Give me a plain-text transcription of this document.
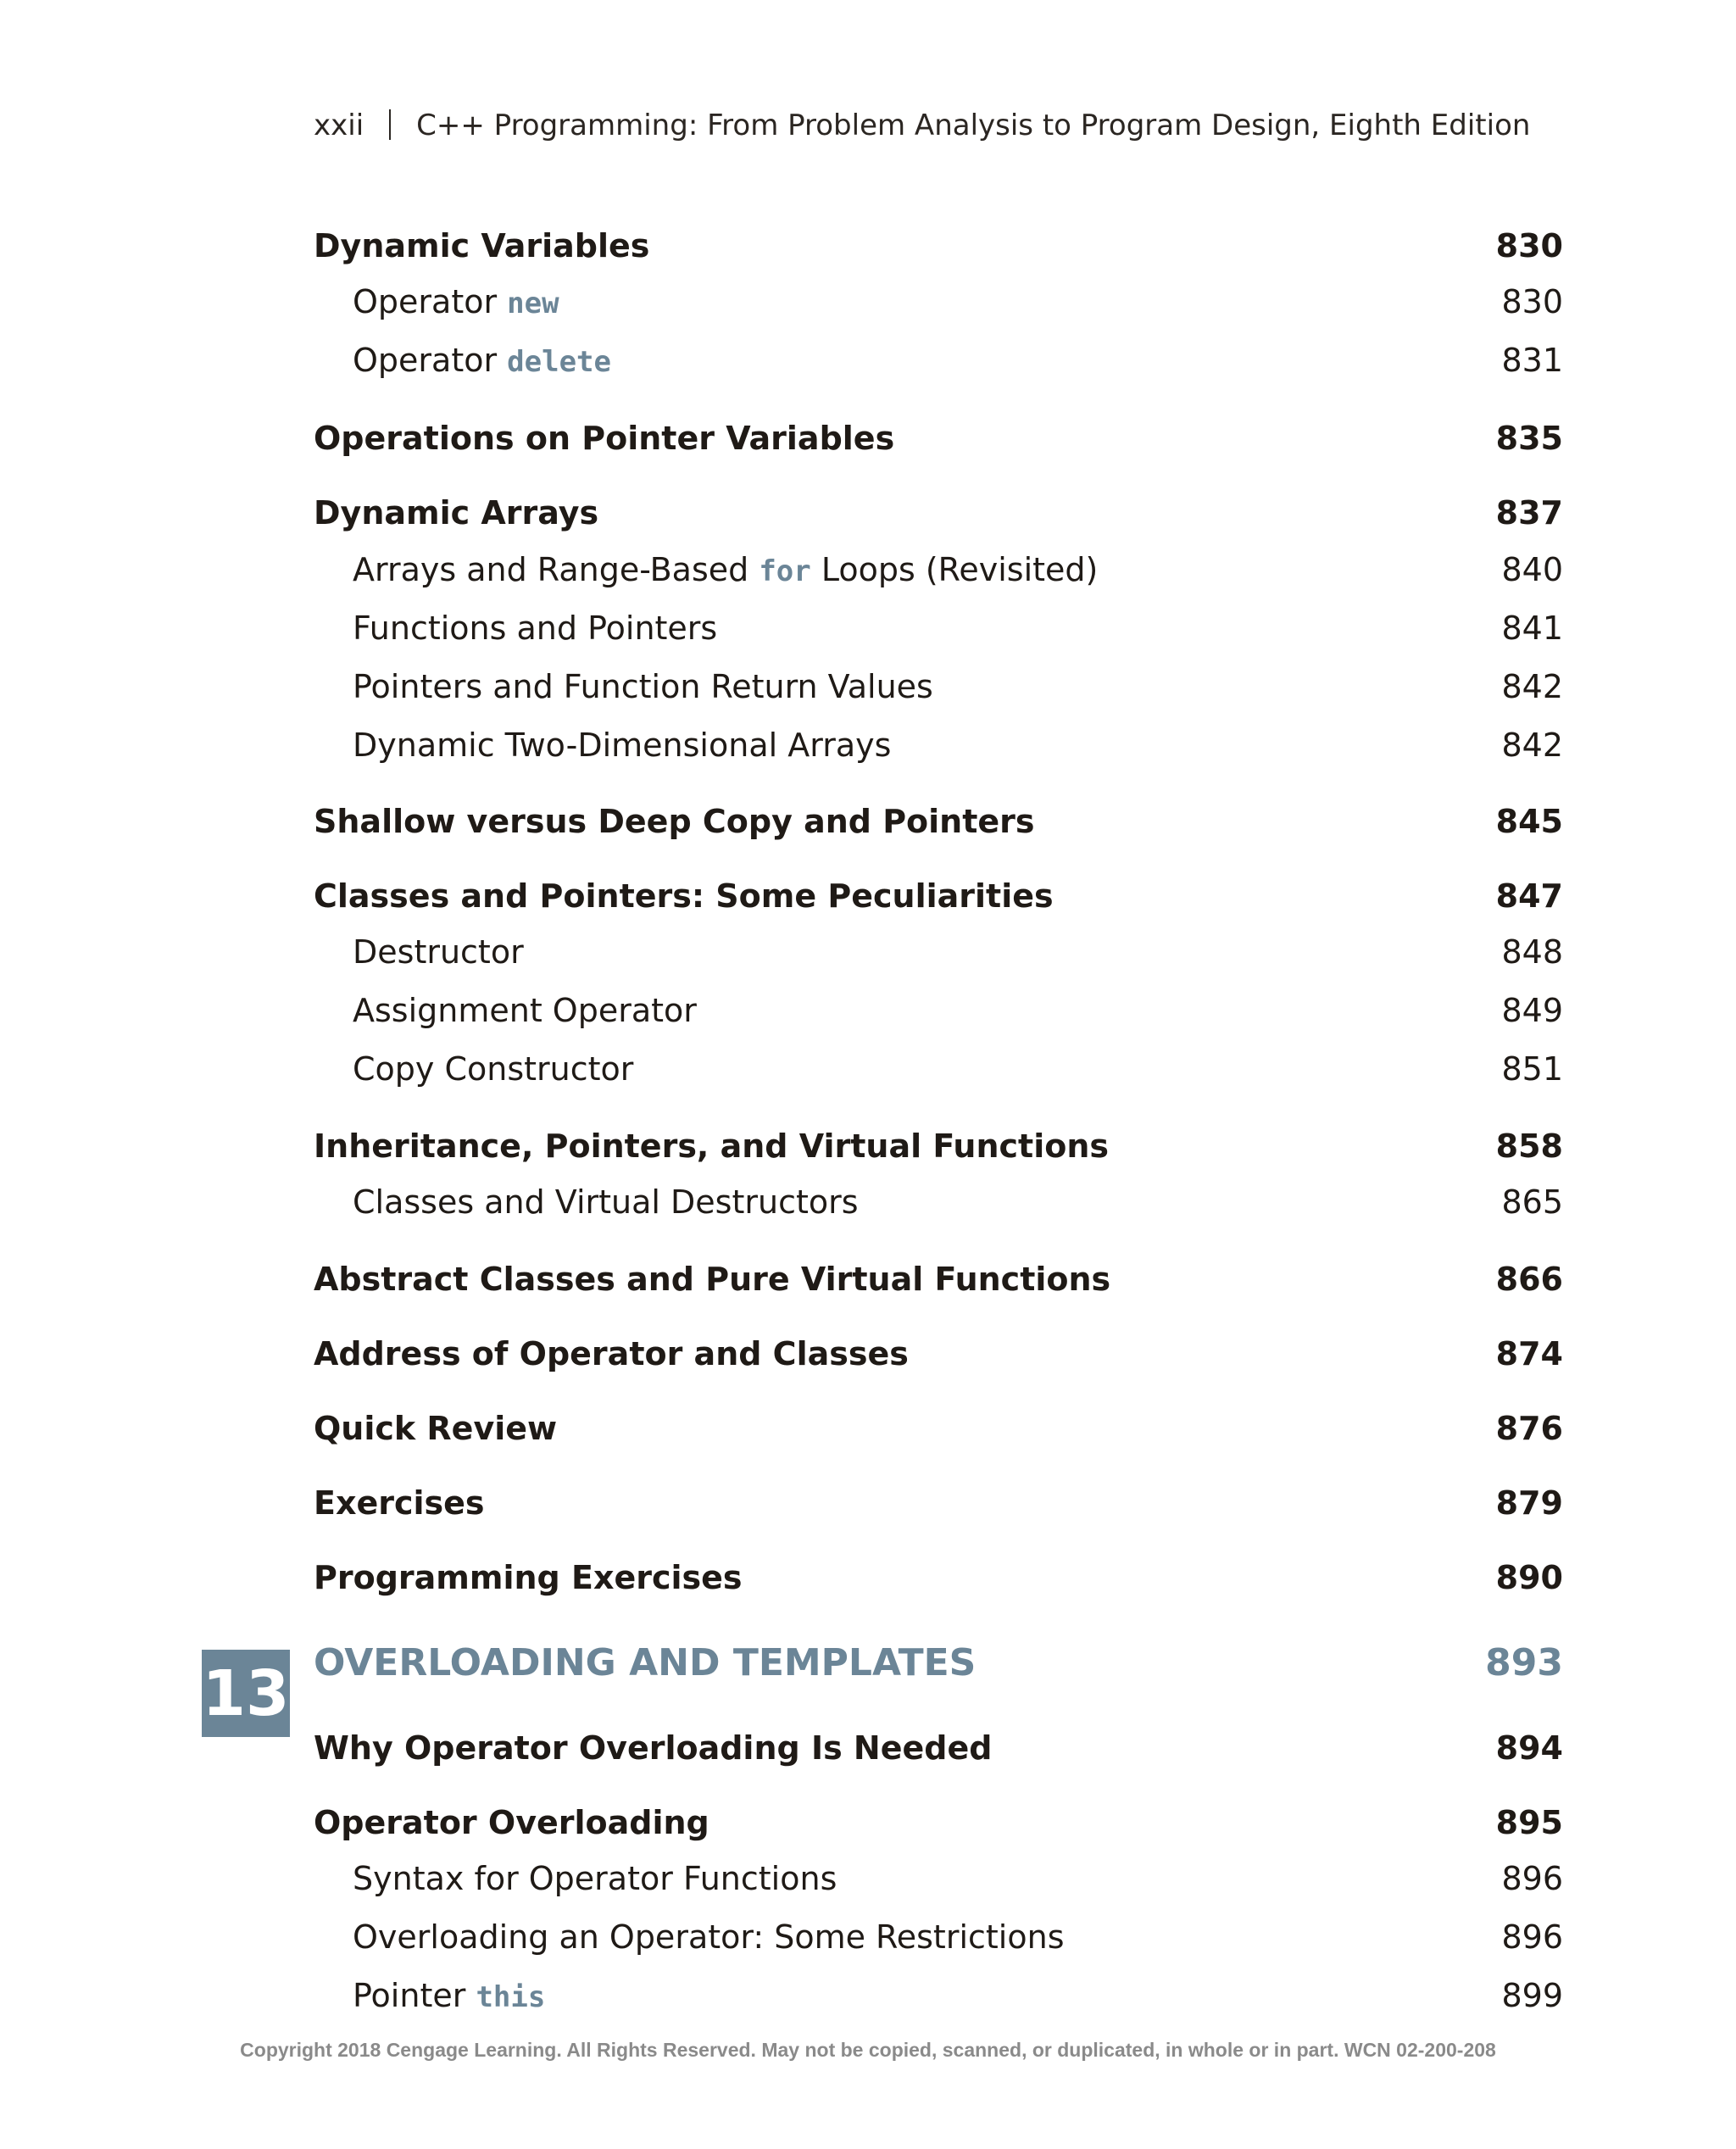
xxii C++ Programming: From Problem Analysis to Program Design, Eighth Edition
13
Dynamic Variables	830
Operator new	830
Operator delete	831
Operations on Pointer Variables	835
Dynamic Arrays	837
Arrays and Range-Based for Loops (Revisited)	840
Functions and Pointers	841
Pointers and Function Return Values	842
Dynamic Two-Dimensional Arrays	842
Shallow versus Deep Copy and Pointers	845
Classes and Pointers: Some Peculiarities	847
Destructor	848
Assignment Operator	849
Copy Constructor	851
Inheritance, Pointers, and Virtual Functions	858
Classes and Virtual Destructors	865
Abstract Classes and Pure Virtual Functions	866
Address of Operator and Classes	874
Quick Review	876
Exercises	879
Programming Exercises	890
OVERLOADING AND TEMPLATES	893
Why Operator Overloading Is Needed	894
Operator Overloading	895
Syntax for Operator Functions	896
Overloading an Operator: Some Restrictions	896
Pointer this	899
Copyright 2018 Cengage Learning. All Rights Reserved. May not be copied, scanned, or duplicated, in whole or in part. WCN 02-200-208
